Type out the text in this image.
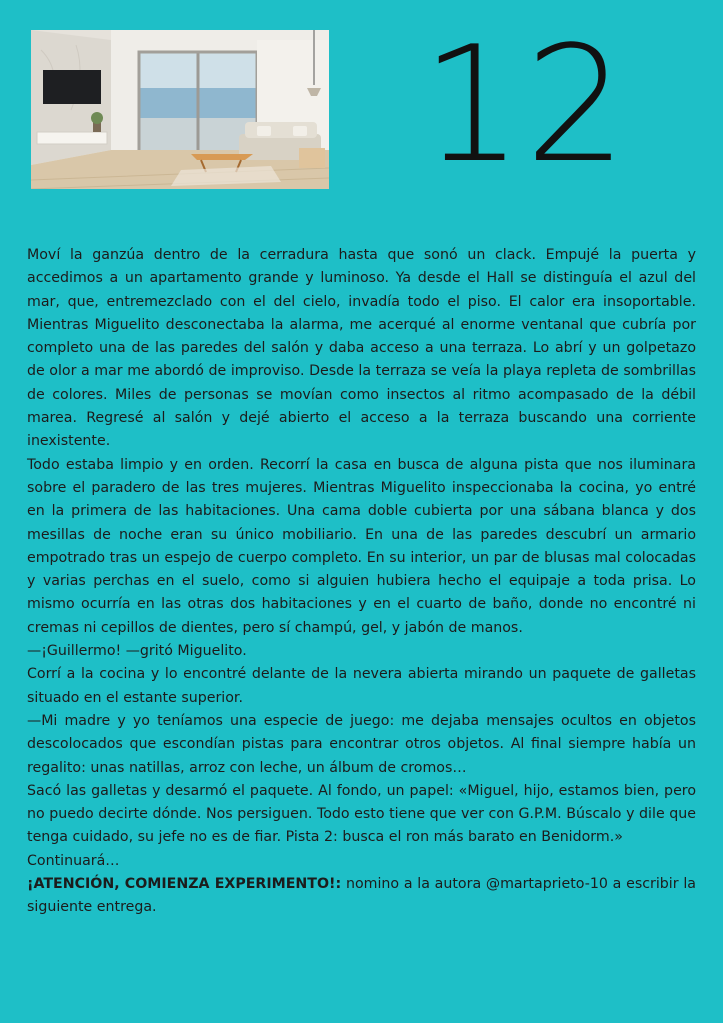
12

Moví la ganzúa dentro de la cerradura hasta que sonó un clack. Empujé la puerta y accedimos a un apartamento grande y luminoso. Ya desde el Hall se distinguía el azul del mar, que, entremezclado con el del cielo, invadía todo el piso. El calor era insoportable. Mientras Miguelito desconectaba la alarma, me acerqué al enorme ventanal que cubría por completo una de las paredes del salón y daba acceso a una terraza. Lo abrí y un golpetazo de olor a mar me abordó de improviso. Desde la terraza se veía la playa repleta de sombrillas de colores. Miles de personas se movían como insectos al ritmo acompasado de la débil marea. Regresé al salón y dejé abierto el acceso a la terraza buscando una corriente inexistente.

Todo estaba limpio y en orden. Recorrí la casa en busca de alguna pista que nos iluminara sobre el paradero de las tres mujeres. Mientras Miguelito inspeccionaba la cocina, yo entré en la primera de las habitaciones. Una cama doble cubierta por una sábana blanca y dos mesillas de noche eran su único mobiliario. En una de las paredes descubrí un armario empotrado tras un espejo de cuerpo completo. En su interior, un par de blusas mal colocadas y varias perchas en el suelo, como si alguien hubiera hecho el equipaje a toda prisa. Lo mismo ocurría en las otras dos habitaciones y en el cuarto de baño, donde no encontré ni cremas ni cepillos de dientes, pero sí champú, gel, y jabón de manos.

—¡Guillermo! —gritó Miguelito.

Corrí a la cocina y lo encontré delante de la nevera abierta mirando un paquete de galletas situado en el estante superior.

—Mi madre y yo teníamos una especie de juego: me dejaba mensajes ocultos en objetos descolocados que escondían pistas para encontrar otros objetos. Al final siempre había un regalito: unas natillas, arroz con leche, un álbum de cromos…

Sacó las galletas y desarmó el paquete. Al fondo, un papel: «Miguel, hijo, estamos bien, pero no puedo decirte dónde. Nos persiguen. Todo esto tiene que ver con G.P.M. Búscalo y dile que tenga cuidado, su jefe no es de fiar. Pista 2: busca el ron más barato en Benidorm.»

Continuará…

¡ATENCIÓN, COMIENZA EXPERIMENTO!: nomino a la autora @martaprieto-10 a escribir la siguiente entrega.
